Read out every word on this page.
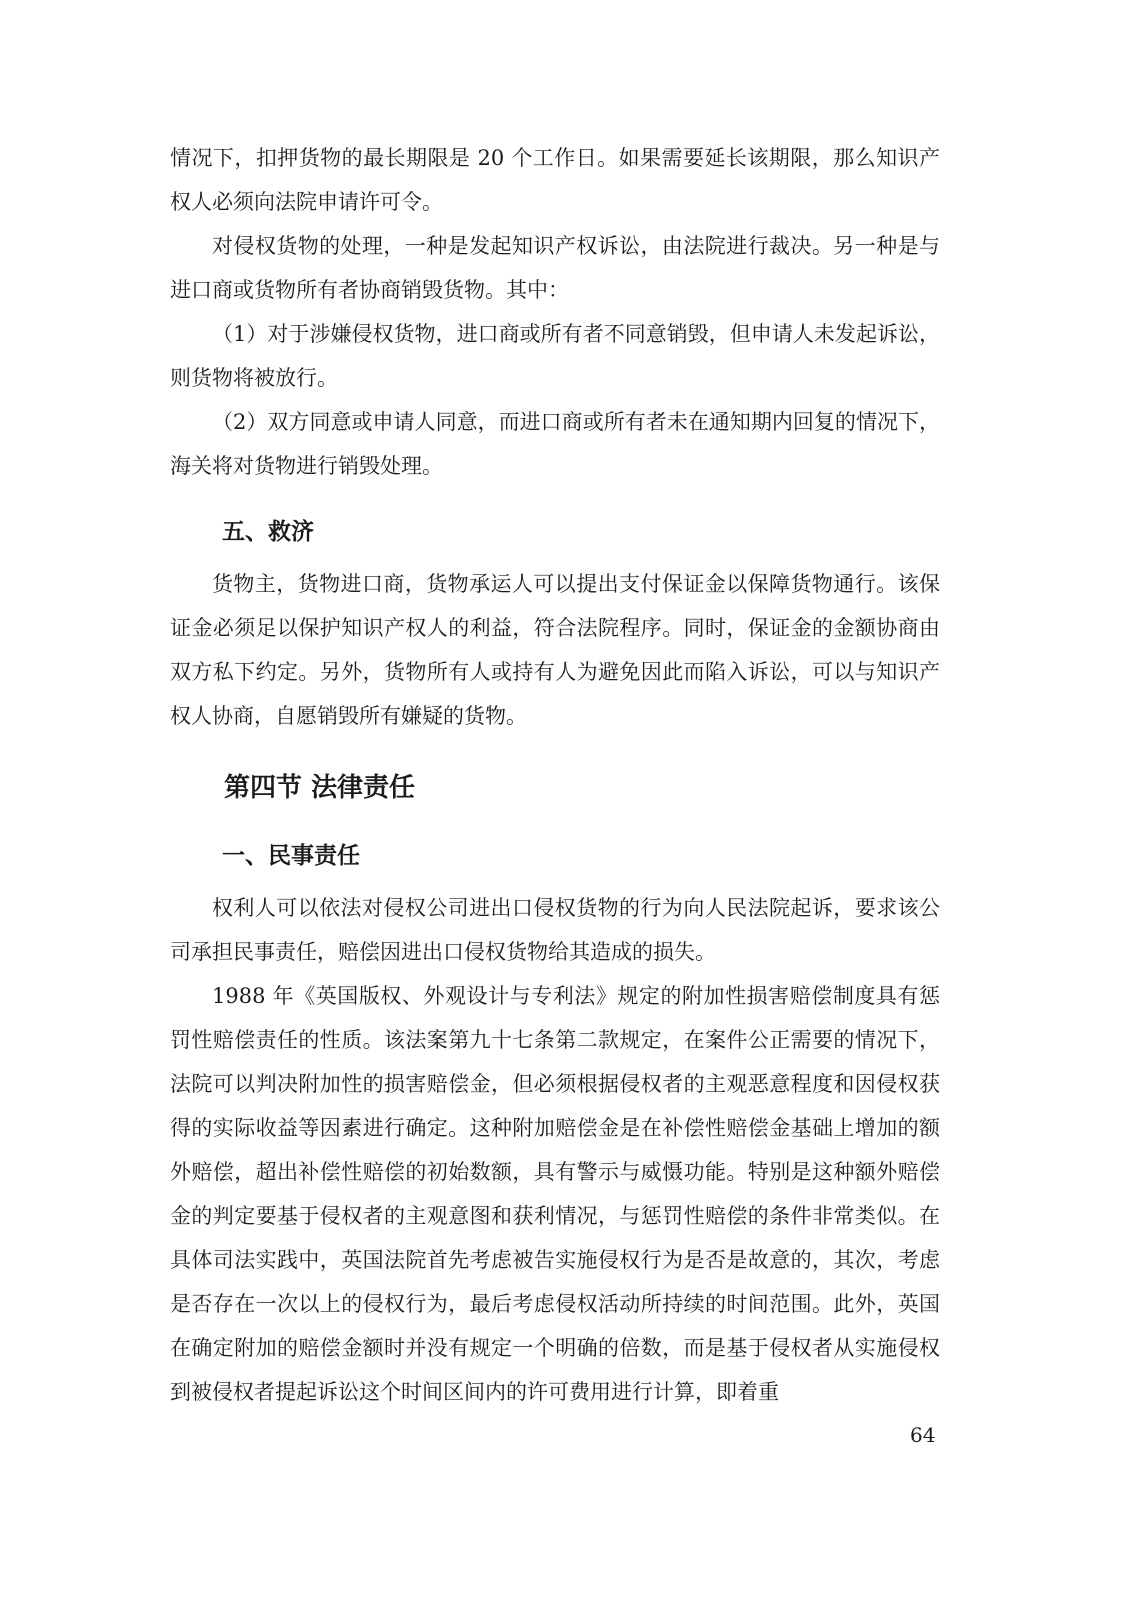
情况下，扣押货物的最长期限是 20 个工作日。如果需要延长该期限，那么知识产权人必须向法院申请许可令。

对侵权货物的处理，一种是发起知识产权诉讼，由法院进行裁决。另一种是与进口商或货物所有者协商销毁货物。其中：

（1）对于涉嫌侵权货物，进口商或所有者不同意销毁，但申请人未发起诉讼，则货物将被放行。

（2）双方同意或申请人同意，而进口商或所有者未在通知期内回复的情况下，海关将对货物进行销毁处理。

五、救济

货物主，货物进口商，货物承运人可以提出支付保证金以保障货物通行。该保证金必须足以保护知识产权人的利益，符合法院程序。同时，保证金的金额协商由双方私下约定。另外，货物所有人或持有人为避免因此而陷入诉讼，可以与知识产权人协商，自愿销毁所有嫌疑的货物。

第四节 法律责任
一、民事责任

权利人可以依法对侵权公司进出口侵权货物的行为向人民法院起诉，要求该公司承担民事责任，赔偿因进出口侵权货物给其造成的损失。

1988 年《英国版权、外观设计与专利法》规定的附加性损害赔偿制度具有惩罚性赔偿责任的性质。该法案第九十七条第二款规定，在案件公正需要的情况下，法院可以判决附加性的损害赔偿金，但必须根据侵权者的主观恶意程度和因侵权获得的实际收益等因素进行确定。这种附加赔偿金是在补偿性赔偿金基础上增加的额外赔偿，超出补偿性赔偿的初始数额，具有警示与威慑功能。特别是这种额外赔偿金的判定要基于侵权者的主观意图和获利情况，与惩罚性赔偿的条件非常类似。在具体司法实践中，英国法院首先考虑被告实施侵权行为是否是故意的，其次，考虑是否存在一次以上的侵权行为，最后考虑侵权活动所持续的时间范围。此外，英国在确定附加的赔偿金额时并没有规定一个明确的倍数，而是基于侵权者从实施侵权到被侵权者提起诉讼这个时间区间内的许可费用进行计算，即着重

64
